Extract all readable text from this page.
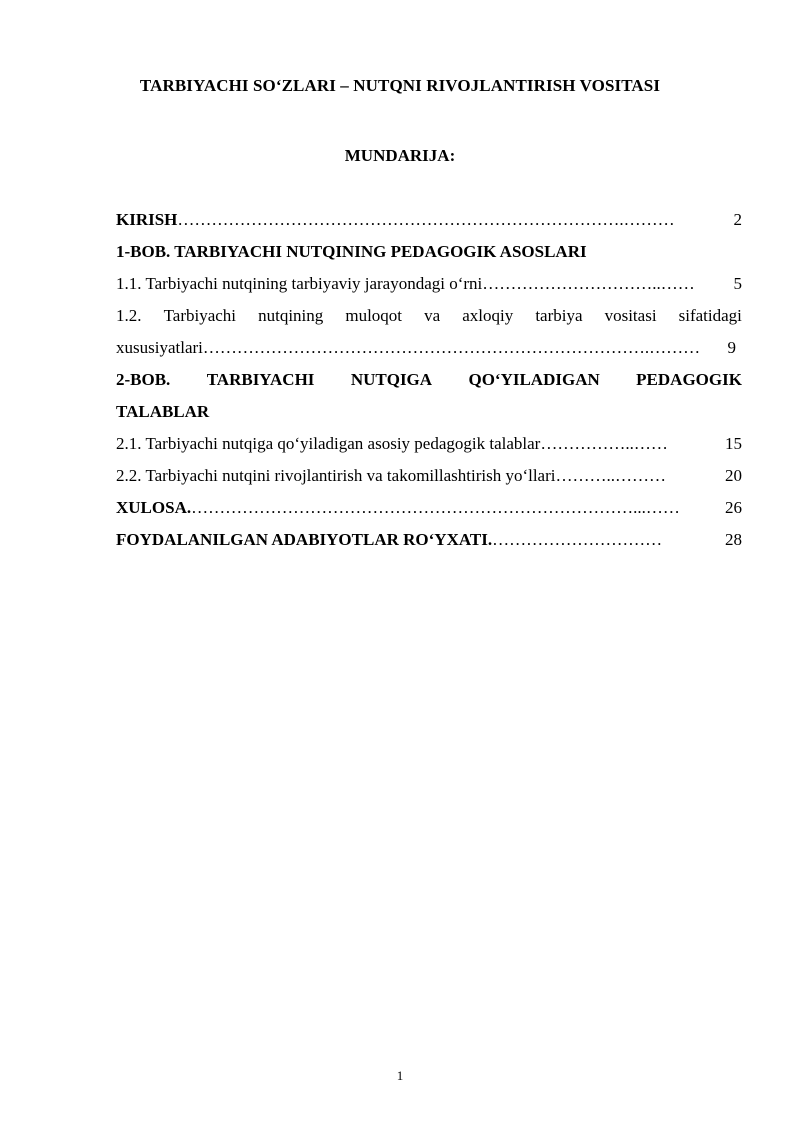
TARBIYACHI SO‘ZLARI – NUTQNI RIVOJLANTIRISH VOSITASI
MUNDARIJA:
KIRISH …………………………………………………………………….………	2
1-BOB. TARBIYACHI NUTQINING PEDAGOGIK ASOSLARI
1.1. Tarbiyachi nutqining tarbiyaviy jarayondagi o‘rni …………………………..……	5
1.2. Tarbiyachi nutqining muloqot va axloqiy tarbiya vositasi sifatidagi
xususiyatlari …………………………………………………………………….………	9
2-BOB. TARBIYACHI NUTQIGA QO‘YILADIGAN PEDAGOGIK
TALABLAR
2.1. Tarbiyachi nutqiga qo‘yiladigan asosiy pedagogik talablar ……………..……	15
2.2. Tarbiyachi nutqini rivojlantirish va takomillashtirish yo‘llari ………..………	20
XULOSA. ……………………………………………………………………...……	26
FOYDALANILGAN ADABIYOTLAR RO‘YXATI. …………………………	28
1
